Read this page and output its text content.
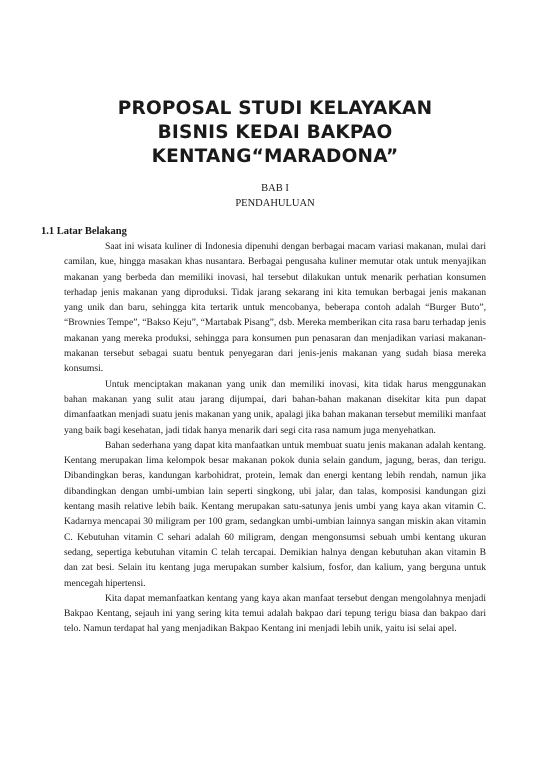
PROPOSAL STUDI KELAYAKAN
BISNIS KEDAI BAKPAO
KENTANG“MARADONA”
BAB I
PENDAHULUAN
1.1 Latar Belakang

Saat ini wisata kuliner di Indonesia dipenuhi dengan berbagai macam variasi makanan, mulai dari camilan, kue, hingga masakan khas nusantara. Berbagai pengusaha kuliner memutar otak untuk menyajikan makanan yang berbeda dan memiliki inovasi, hal tersebut dilakukan untuk menarik perhatian konsumen terhadap jenis makanan yang diproduksi. Tidak jarang sekarang ini kita temukan berbagai jenis makanan yang unik dan baru, sehingga kita tertarik untuk mencobanya, beberapa contoh adalah “Burger Buto”, “Brownies Tempe”, “Bakso Keju”, “Martabak Pisang”, dsb. Mereka memberikan cita rasa baru terhadap jenis makanan yang mereka produksi, sehingga para konsumen pun penasaran dan menjadikan variasi makanan-makanan tersebut sebagai suatu bentuk penyegaran dari jenis-jenis makanan yang sudah biasa mereka konsumsi.

Untuk menciptakan makanan yang unik dan memiliki inovasi, kita tidak harus menggunakan bahan makanan yang sulit atau jarang dijumpai, dari bahan-bahan makanan disekitar kita pun dapat dimanfaatkan menjadi suatu jenis makanan yang unik, apalagi jika bahan makanan tersebut memiliki manfaat yang baik bagi kesehatan, jadi tidak hanya menarik dari segi cita rasa namum juga menyehatkan.

Bahan sederhana yang dapat kita manfaatkan untuk membuat suatu jenis makanan adalah kentang. Kentang merupakan lima kelompok besar makanan pokok dunia selain gandum, jagung, beras, dan terigu. Dibandingkan beras, kandungan karbohidrat, protein, lemak dan energi kentang lebih rendah, namun jika dibandingkan dengan umbi-umbian lain seperti singkong, ubi jalar, dan talas, komposisi kandungan gizi kentang masih relative lebih baik. Kentang merupakan satu-satunya jenis umbi yang kaya akan vitamin C. Kadarnya mencapai 30 miligram per 100 gram, sedangkan umbi-umbian lainnya sangan miskin akan vitamin C. Kebutuhan vitamin C sehari adalah 60 miligram, dengan mengonsumsi sebuah umbi kentang ukuran sedang, sepertiga kebutuhan vitamin C telah tercapai. Demikian halnya dengan kebutuhan akan vitamin B dan zat besi. Selain itu kentang juga merupakan sumber kalsium, fosfor, dan kalium, yang berguna untuk mencegah hipertensi.

Kita dapat memanfaatkan kentang yang kaya akan manfaat tersebut dengan mengolahnya menjadi Bakpao Kentang, sejauh ini yang sering kita temui adalah bakpao dari tepung terigu biasa dan bakpao dari telo. Namun terdapat hal yang menjadikan Bakpao Kentang ini menjadi lebih unik, yaitu isi selai apel.
